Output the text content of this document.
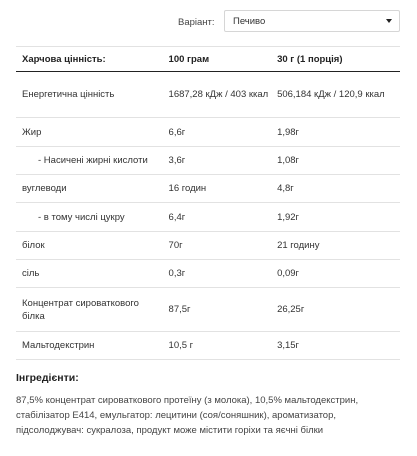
Варіант:	Печиво
Харчова цінність:	100 грам	30 г (1 порція)
Енергетична цінність	1687,28 кДж / 403 ккал	506,184 кДж / 120,9 ккал
Жир	6,6г	1,98г
- Насичені жирні кислоти	3,6г	1,08г
вуглеводи	16 годин	4,8г
- в тому числі цукру	6,4г	1,92г
білок	70г	21 годину
сіль	0,3г	0,09г
Концентрат сироваткового білка	87,5г	26,25г
Мальтодекстрин	10,5 г	3,15г
Інгредієнти:
87,5% концентрат сироваткового протеїну (з молока), 10,5% мальтодекстрин, стабілізатор Е414, емульгатор: лецитини (соя/соняшник), ароматизатор, підсолоджувач: сукралоза, продукт може містити горіхи та яєчні білки
